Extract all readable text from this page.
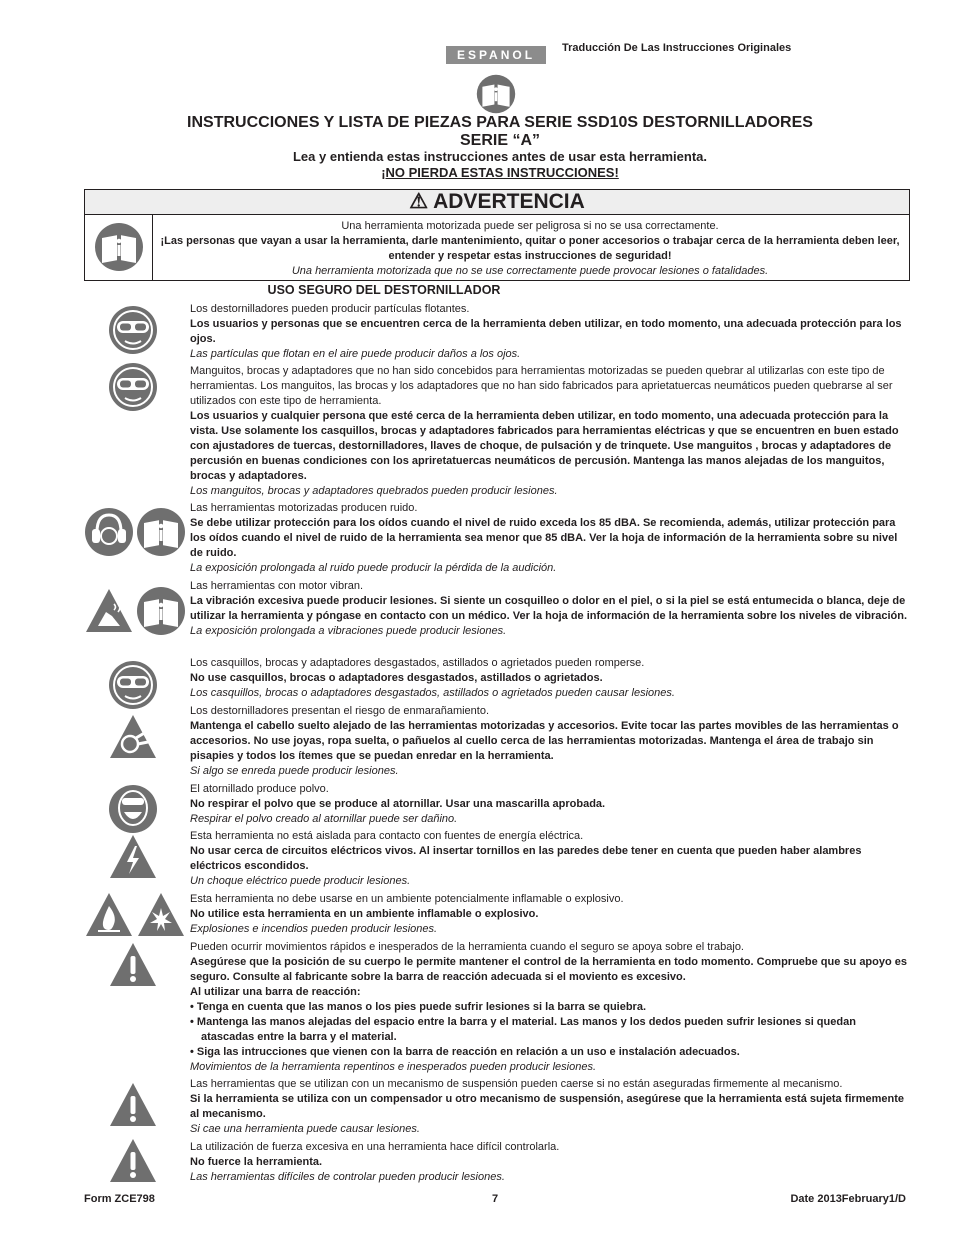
ESPANOL	Traducción De Las Instrucciones Originales
INSTRUCCIONES Y LISTA DE PIEZAS PARA SERIE SSD10S DESTORNILLADORES
SERIE “A”
Lea y entienda estas instrucciones antes de usar esta herramienta.
¡NO PIERDA ESTAS INSTRUCCIONES!
⚠ ADVERTENCIA
Una herramienta motorizada puede ser peligrosa si no se usa correctamente.
¡Las personas que vayan a usar la herramienta, darle mantenimiento, quitar o poner accesorios o trabajar cerca de la herramienta deben leer, entender y respetar estas instrucciones de seguridad!
Una herramienta motorizada que no se use correctamente puede provocar lesiones o fatalidades.
USO SEGURO DEL DESTORNILLADOR
Los destornilladores pueden producir partículas flotantes.
Los usuarios y personas que se encuentren cerca de la herramienta deben utilizar, en todo momento, una adecuada protección para los ojos.
Las partículas que flotan en el aire puede producir daños a los ojos.
Manguitos, brocas y adaptadores que no han sido concebidos para herramientas motorizadas se pueden quebrar al utilizarlas con este tipo de herramientas. Los manguitos, las brocas y los adaptadores que no han sido fabricados para aprietatuercas neumáticos pueden quebrarse al ser utilizados con este tipo de herramienta.
Los usuarios y cualquier persona que esté cerca de la herramienta deben utilizar, en todo momento, una adecuada protección para la vista. Use solamente los casquillos, brocas y adaptadores fabricados para herramientas eléctricas y que se encuentren en buen estado con ajustadores de tuercas, destornilladores, llaves de choque, de pulsación y de trinquete. Use manguitos , brocas y adaptadores de percusión en buenas condiciones con los apriretatuercas neumáticos de percusión. Mantenga las manos alejadas de los manguitos, brocas y adaptadores.
Los manguitos, brocas y adaptadores quebrados pueden producir lesiones.
Las herramientas motorizadas producen ruido.
Se debe utilizar protección para los oídos cuando el nivel de ruido exceda los 85 dBA. Se recomienda, además, utilizar protección para los oídos cuando el nivel de ruido de la herramienta sea menor que 85 dBA. Ver la hoja de información de la herramienta sobre su nivel de ruido.
La exposición prolongada al ruido puede producir la pérdida de la audición.
Las herramientas con motor vibran.
La vibración excesiva puede producir lesiones. Si siente un cosquilleo o dolor en el piel, o si la piel se está entumecida o blanca, deje de utilizar la herramienta y póngase en contacto con un médico. Ver la hoja de información de la herramienta sobre los niveles de vibración.
La exposición prolongada a vibraciones puede producir lesiones.
Los casquillos, brocas y adaptadores desgastados, astillados o agrietados pueden romperse.
No use casquillos, brocas o adaptadores desgastados, astillados o agrietados.
Los casquillos, brocas o adaptadores desgastados, astillados o agrietados pueden causar lesiones.
Los destornilladores presentan el riesgo de enmarañamiento.
Mantenga el cabello suelto alejado de las herramientas motorizadas y accesorios. Evite tocar las partes movibles de las herramientas o accesorios. No use joyas, ropa suelta, o pañuelos al cuello cerca de las herramientas motorizadas. Mantenga el área de trabajo sin pisapies y todos los ítemes que se puedan enredar en la herramienta.
Si algo se enreda puede producir lesiones.
El atornillado produce polvo.
No respirar el polvo que se produce al atornillar. Usar una mascarilla aprobada.
Respirar el polvo creado al atornillar puede ser dañino.
Esta herramienta no está aislada para contacto con fuentes de energía eléctrica.
No usar cerca de circuitos eléctricos vivos. Al insertar tornillos en las paredes debe tener en cuenta que pueden haber alambres eléctricos escondidos.
Un choque eléctrico puede producir lesiones.
Esta herramienta no debe usarse en un ambiente potencialmente inflamable o explosivo.
No utilice esta herramienta en un ambiente inflamable o explosivo.
Explosiones e incendios pueden producir lesiones.
Pueden ocurrir movimientos rápidos e inesperados de la herramienta cuando el seguro se apoya sobre el trabajo.
Asegúrese que la posición de su cuerpo le permite mantener el control de la herramienta en todo momento. Compruebe que su apoyo es seguro. Consulte al fabricante sobre la barra de reacción adecuada si el moviento es excesivo.
Al utilizar una barra de reacción:
• Tenga en cuenta que las manos o los pies puede sufrir lesiones si la barra se quiebra.
• Mantenga las manos alejadas del espacio entre la barra y el material. Las manos y los dedos pueden sufrir lesiones si quedan atascadas entre la barra y el material.
• Siga las intrucciones que vienen con la barra de reacción en relación a un uso e instalación adecuados.
Movimientos de la herramienta repentinos e inesperados pueden producir lesiones.
Las herramientas que se utilizan con un mecanismo de suspensión pueden caerse si no están aseguradas firmemente al mecanismo.
Si la herramienta se utiliza con un compensador u otro mecanismo de suspensión, asegúrese que la herramienta está sujeta firmemente al mecanismo.
Si cae una herramienta puede causar lesiones.
La utilización de fuerza excesiva en una herramienta hace difícil controlarla.
No fuerce la herramienta.
Las herramientas difíciles de controlar pueden producir lesiones.
Form ZCE798	7	Date 2013February1/D
